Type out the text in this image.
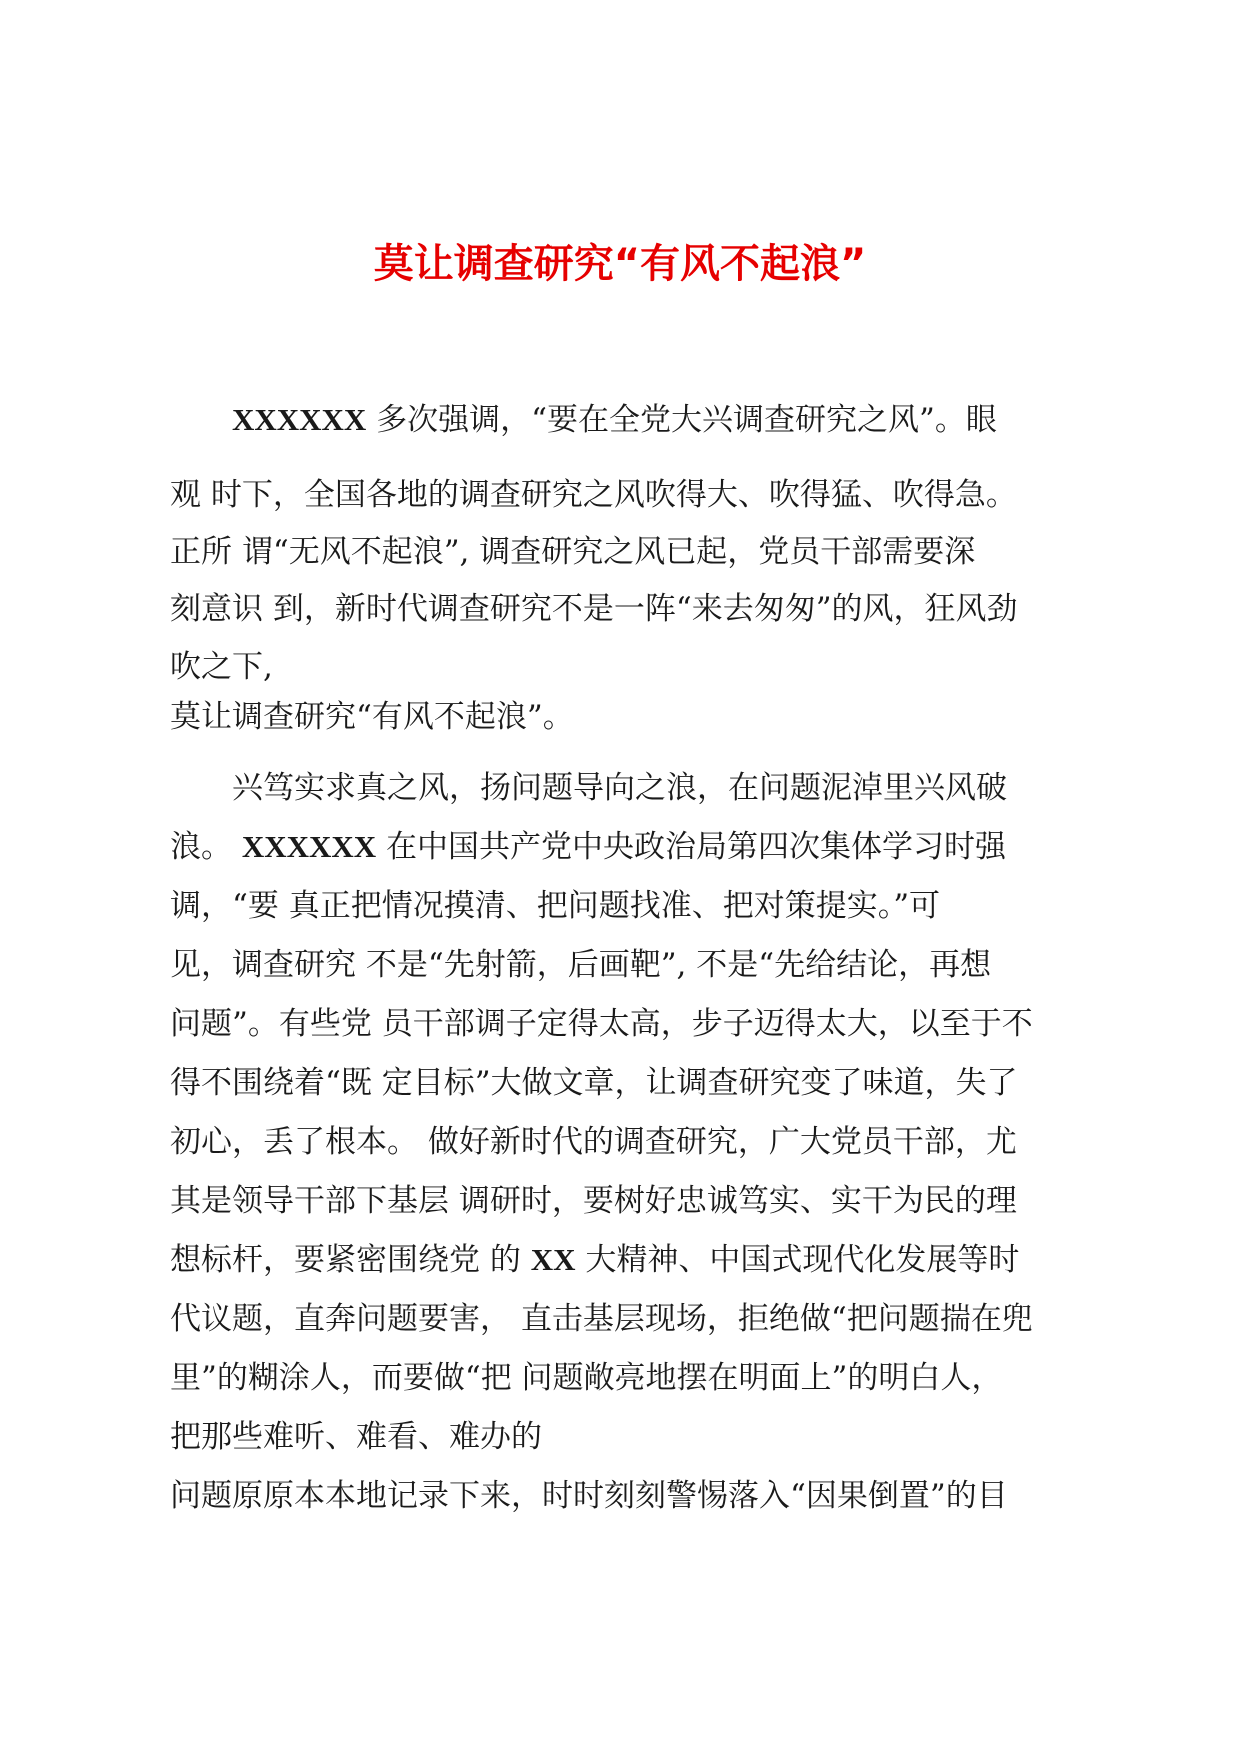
莫让调查研究“有风不起浪”

XXXXXX 多次强调，“要在全党大兴调查研究之风”。眼

观 时下，全国各地的调查研究之风吹得大、吹得猛、吹得急。

正所 谓“无风不起浪”, 调查研究之风已起，党员干部需要深

刻意识 到，新时代调查研究不是一阵“来去匆匆”的风，狂风劲

吹之下,

莫让调查研究“有风不起浪”。

兴笃实求真之风，扬问题导向之浪，在问题泥淖里兴风破

浪。 XXXXXX 在中国共产党中央政治局第四次集体学习时强

调，“要 真正把情况摸清、把问题找准、把对策提实。”可

见，调查研究 不是“先射箭，后画靶”, 不是“先给结论，再想

问题”。有些党 员干部调子定得太高，步子迈得太大，以至于不

得不围绕着“既 定目标”大做文章，让调查研究变了味道，失了

初心，丢了根本。 做好新时代的调查研究，广大党员干部，尤

其是领导干部下基层 调研时，要树好忠诚笃实、实干为民的理

想标杆，要紧密围绕党 的 XX 大精神、中国式现代化发展等时

代议题，直奔问题要害， 直击基层现场，拒绝做“把问题揣在兜

里”的糊涂人，而要做“把 问题敞亮地摆在明面上”的明白人，

把那些难听、难看、难办的

问题原原本本地记录下来，时时刻刻警惕落入“因果倒置”的目
